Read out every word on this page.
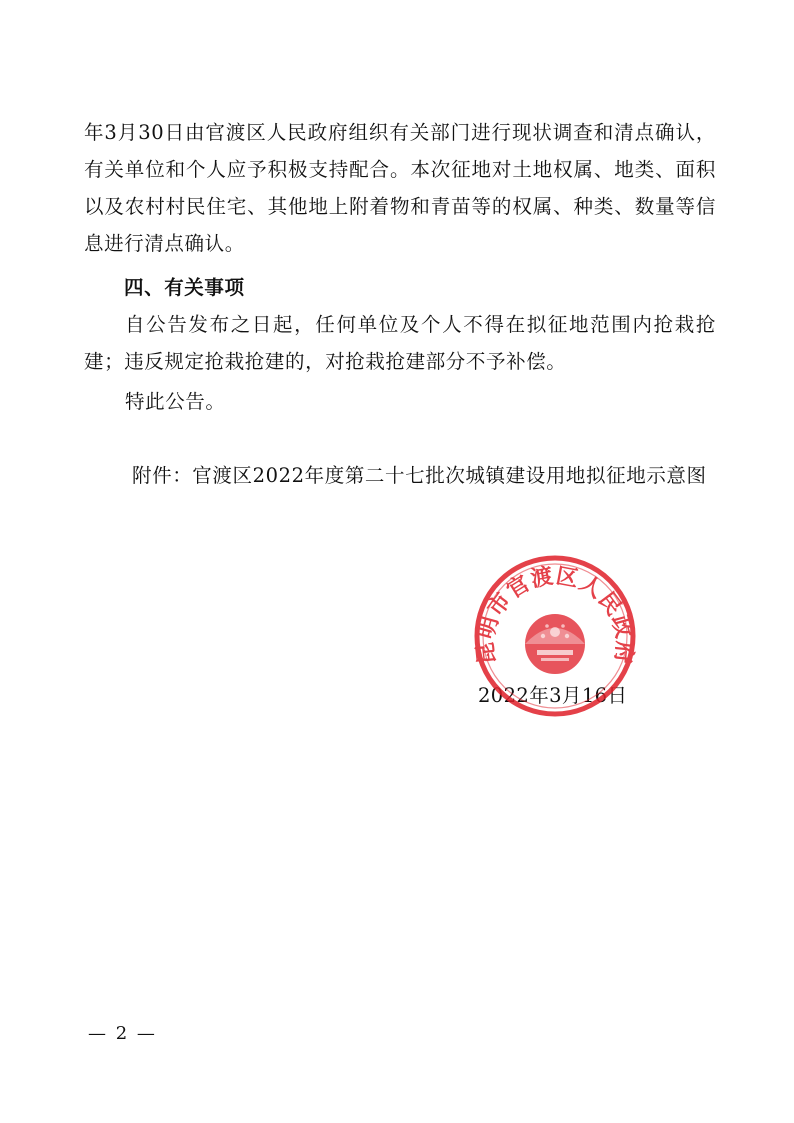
年3月30日由官渡区人民政府组织有关部门进行现状调查和清点确认，有关单位和个人应予积极支持配合。本次征地对土地权属、地类、面积以及农村村民住宅、其他地上附着物和青苗等的权属、种类、数量等信息进行清点确认。

四、有关事项

自公告发布之日起，任何单位及个人不得在拟征地范围内抢栽抢建；违反规定抢栽抢建的，对抢栽抢建部分不予补偿。

特此公告。

附件：官渡区2022年度第二十七批次城镇建设用地拟征地示意图

2022年3月16日
昆明市官渡区人民政府
— 2 —
